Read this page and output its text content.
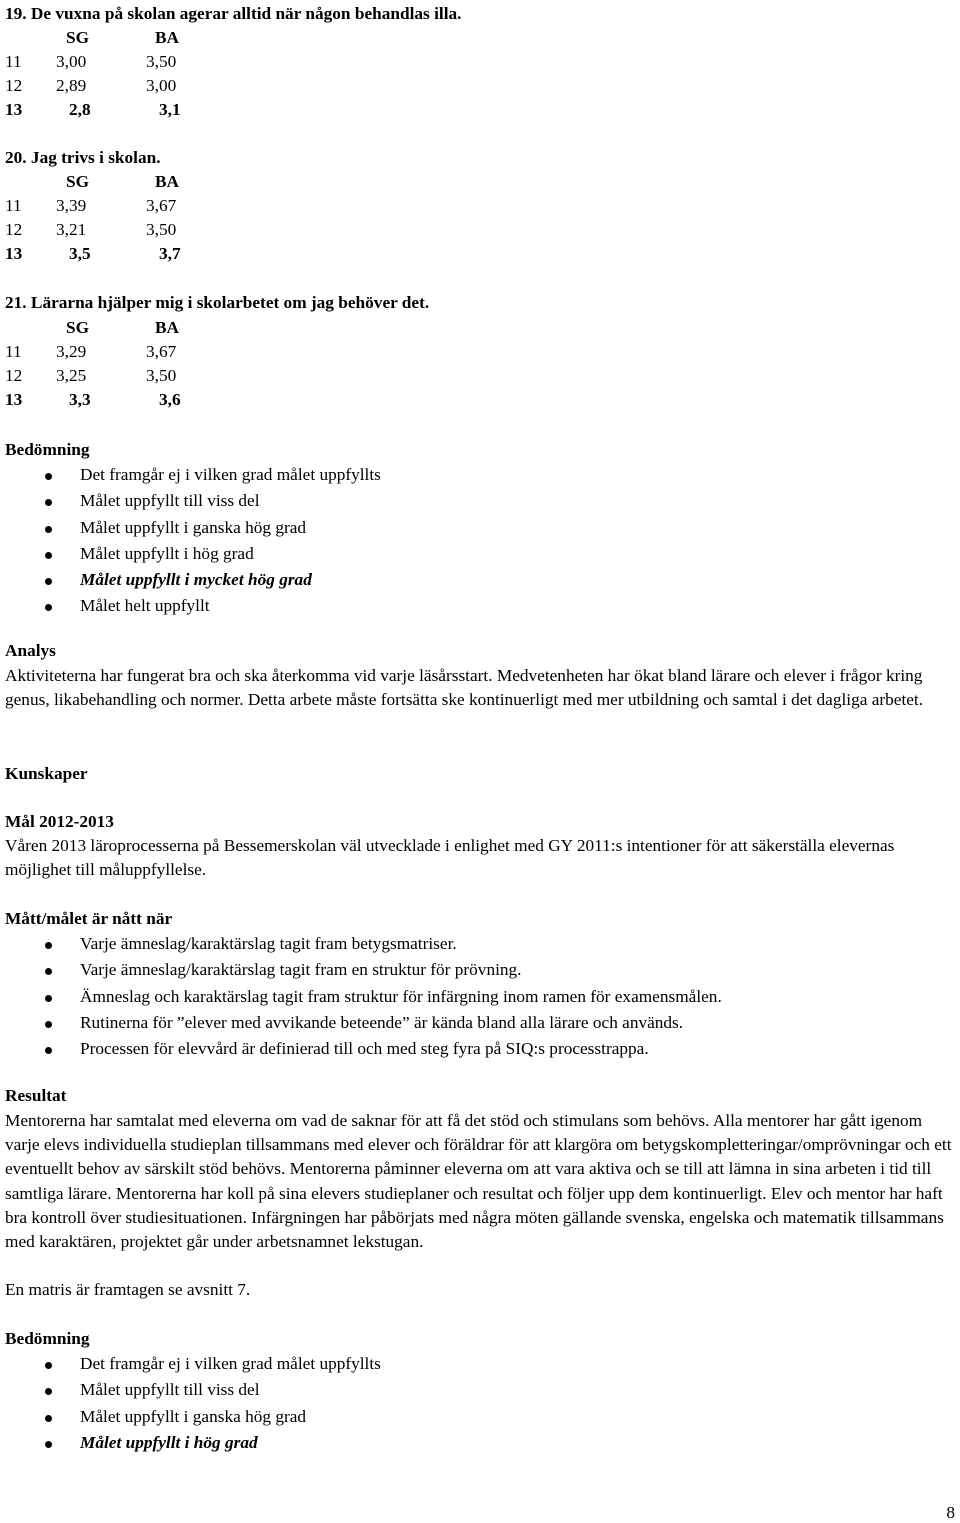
19. De vuxna på skolan agerar alltid när någon behandlas illa.
SG	BA
11 3,00	3,50
12 2,89	3,00
13	2,8	3,1
20. Jag trivs i skolan.
SG	BA
11 3,39	3,67
12 3,21	3,50
13	3,5	3,7
21. Lärarna hjälper mig i skolarbetet om jag behöver det.
SG	BA
11 3,29	3,67
12 3,25	3,50
13	3,3	3,6
Bedömning
Det framgår ej i vilken grad målet uppfyllts
Målet uppfyllt till viss del
Målet uppfyllt i ganska hög grad
Målet uppfyllt i hög grad
Målet uppfyllt i mycket hög grad
Målet helt uppfyllt
Analys
Aktiviteterna har fungerat bra och ska återkomma vid varje läsårsstart. Medvetenheten har ökat bland lärare och elever i frågor kring genus, likabehandling och normer. Detta arbete måste fortsätta ske kontinuerligt med mer utbildning och samtal i det dagliga arbetet.
Kunskaper
Mål 2012-2013
Våren 2013 läroprocesserna på Bessemerskolan väl utvecklade i enlighet med GY 2011:s intentioner för att säkerställa elevernas möjlighet till måluppfyllelse.
Mått/målet är nått när
Varje ämneslag/karaktärslag tagit fram betygsmatriser.
Varje ämneslag/karaktärslag tagit fram en struktur för prövning.
Ämneslag och karaktärslag tagit fram struktur för infärgning inom ramen för examensmålen.
Rutinerna för ”elever med avvikande beteende” är kända bland alla lärare och används.
Processen för elevvård är definierad till och med steg fyra på SIQ:s processtrappa.
Resultat
Mentorerna har samtalat med eleverna om vad de saknar för att få det stöd och stimulans som behövs. Alla mentorer har gått igenom varje elevs individuella studieplan tillsammans med elever och föräldrar för att klargöra om betygskompletteringar/omprövningar och ett eventuellt behov av särskilt stöd behövs. Mentorerna påminner eleverna om att vara aktiva och se till att lämna in sina arbeten i tid till samtliga lärare. Mentorerna har koll på sina elevers studieplaner och resultat och följer upp dem kontinuerligt. Elev och mentor har haft bra kontroll över studiesituationen. Infärgningen har påbörjats med några möten gällande svenska, engelska och matematik tillsammans med karaktären, projektet går under arbetsnamnet lekstugan.
En matris är framtagen se avsnitt 7.
Bedömning
Det framgår ej i vilken grad målet uppfyllts
Målet uppfyllt till viss del
Målet uppfyllt i ganska hög grad
Målet uppfyllt i hög grad
8
